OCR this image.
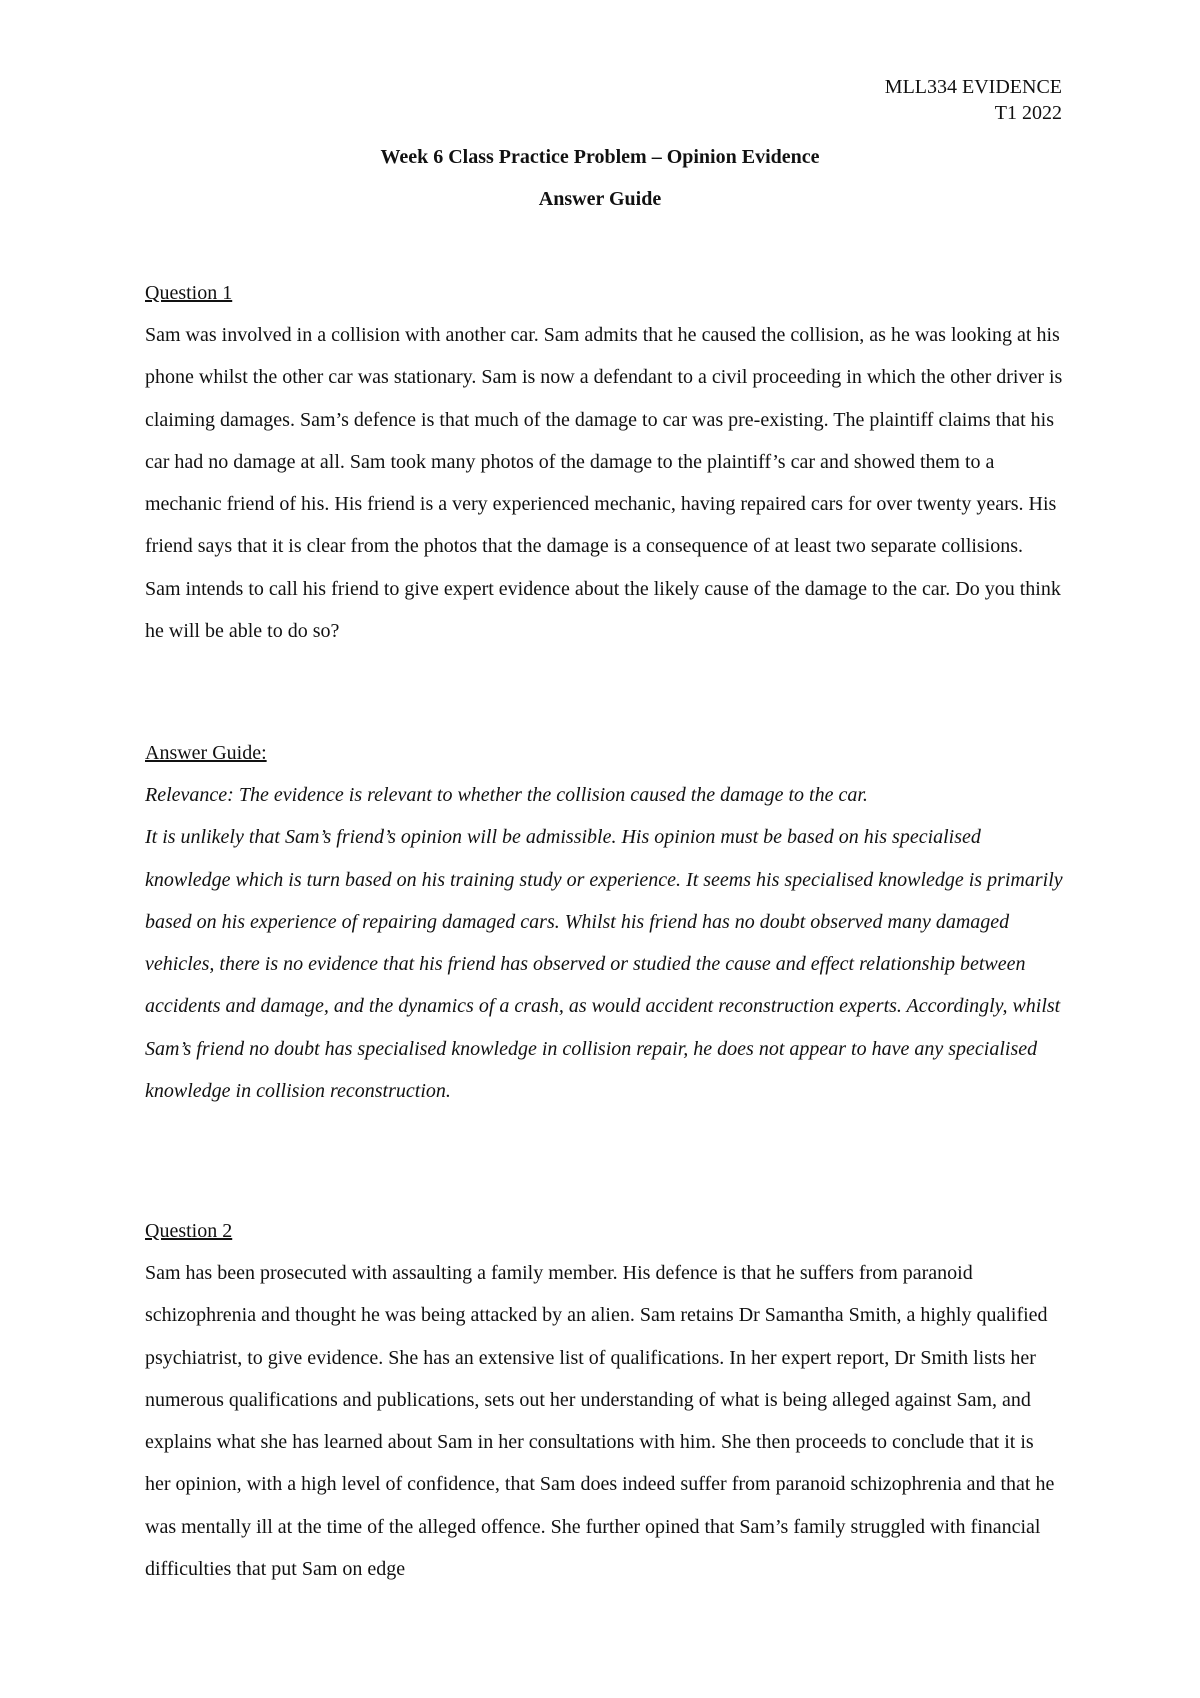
MLL334 EVIDENCE
T1 2022
Week 6 Class Practice Problem – Opinion Evidence
Answer Guide

Question 1

Sam was involved in a collision with another car. Sam admits that he caused the collision, as he was looking at his phone whilst the other car was stationary. Sam is now a defendant to a civil proceeding in which the other driver is claiming damages. Sam’s defence is that much of the damage to car was pre-existing. The plaintiff claims that his car had no damage at all. Sam took many photos of the damage to the plaintiff’s car and showed them to a mechanic friend of his. His friend is a very experienced mechanic, having repaired cars for over twenty years. His friend says that it is clear from the photos that the damage is a consequence of at least two separate collisions. Sam intends to call his friend to give expert evidence about the likely cause of the damage to the car. Do you think he will be able to do so?

Answer Guide:

Relevance: The evidence is relevant to whether the collision caused the damage to the car.

It is unlikely that Sam’s friend’s opinion will be admissible. His opinion must be based on his specialised knowledge which is turn based on his training study or experience. It seems his specialised knowledge is primarily based on his experience of repairing damaged cars. Whilst his friend has no doubt observed many damaged vehicles, there is no evidence that his friend has observed or studied the cause and effect relationship between accidents and damage, and the dynamics of a crash, as would accident reconstruction experts. Accordingly, whilst Sam’s friend no doubt has specialised knowledge in collision repair, he does not appear to have any specialised knowledge in collision reconstruction.

Question 2

Sam has been prosecuted with assaulting a family member. His defence is that he suffers from paranoid schizophrenia and thought he was being attacked by an alien. Sam retains Dr Samantha Smith, a highly qualified psychiatrist, to give evidence. She has an extensive list of qualifications. In her expert report, Dr Smith lists her numerous qualifications and publications, sets out her understanding of what is being alleged against Sam, and explains what she has learned about Sam in her consultations with him. She then proceeds to conclude that it is her opinion, with a high level of confidence, that Sam does indeed suffer from paranoid schizophrenia and that he was mentally ill at the time of the alleged offence. She further opined that Sam’s family struggled with financial difficulties that put Sam on edge
